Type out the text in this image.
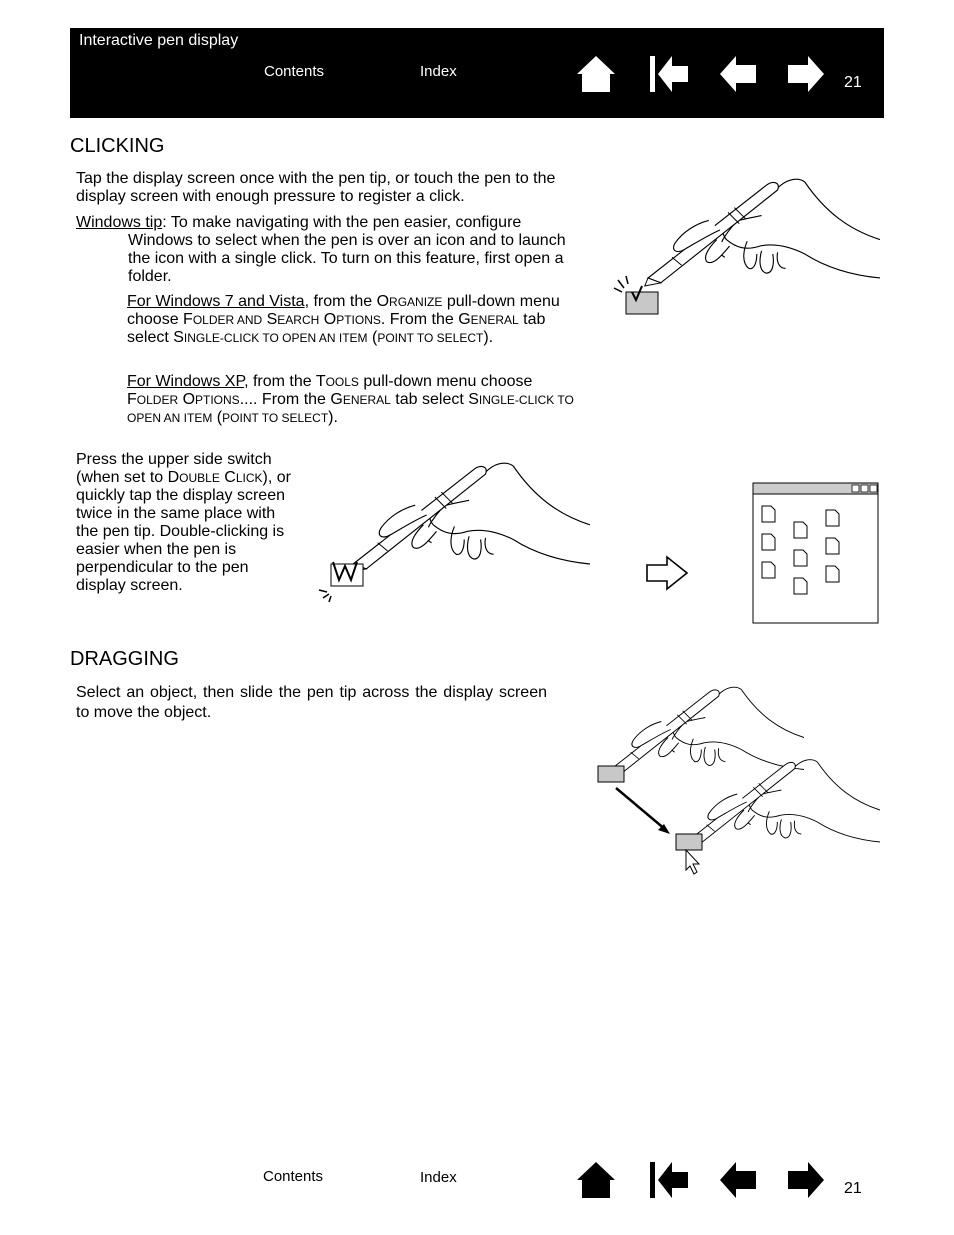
Interactive pen display
Contents	Index
21
CLICKING

Tap the display screen once with the pen tip, or touch the pen to the display screen with enough pressure to register a click.

Windows tip: To make navigating with the pen easier, configure Windows to select when the pen is over an icon and to launch the icon with a single click. To turn on this feature, first open a folder.

For Windows 7 and Vista, from the ORGANIZE pull-down menu choose FOLDER AND SEARCH OPTIONS. From the GENERAL tab select SINGLE-CLICK TO OPEN AN ITEM (POINT TO SELECT).

For Windows XP, from the TOOLS pull-down menu choose FOLDER OPTIONS.... From the GENERAL tab select SINGLE-CLICK TO OPEN AN ITEM (POINT TO SELECT).

Press the upper side switch (when set to DOUBLE CLICK), or quickly tap the display screen twice in the same place with the pen tip. Double-clicking is easier when the pen is perpendicular to the pen display screen.

DRAGGING

Select an object, then slide the pen tip across the display screen to move the object.

Contents	Index
21
